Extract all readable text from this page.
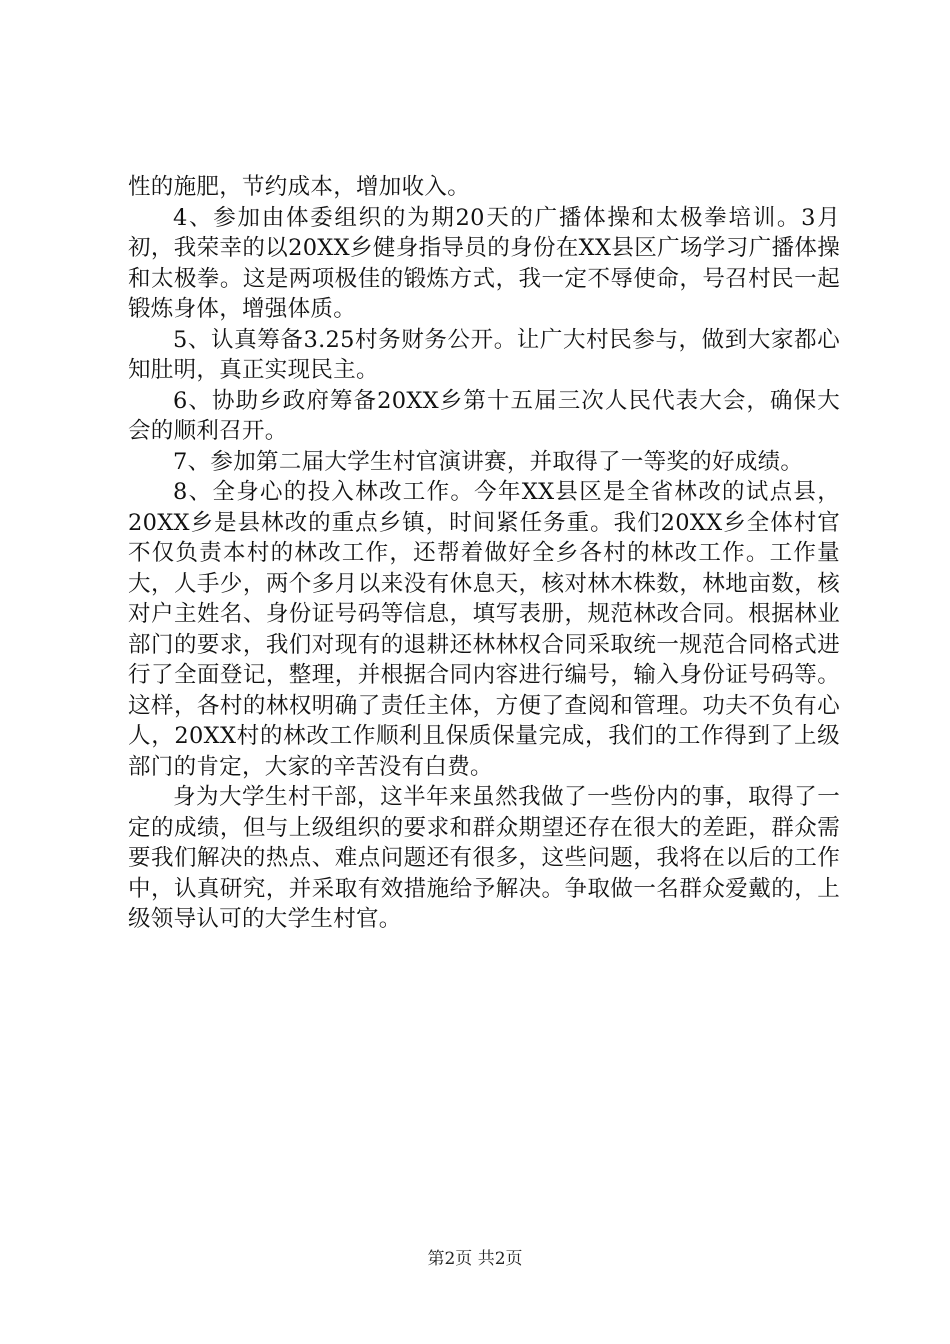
性的施肥，节约成本，增加收入。

4、参加由体委组织的为期20天的广播体操和太极拳培训。3月初，我荣幸的以20XX乡健身指导员的身份在XX县区广场学习广播体操和太极拳。这是两项极佳的锻炼方式，我一定不辱使命，号召村民一起锻炼身体，增强体质。

5、认真筹备3.25村务财务公开。让广大村民参与，做到大家都心知肚明，真正实现民主。

6、协助乡政府筹备20XX乡第十五届三次人民代表大会，确保大会的顺利召开。

7、参加第二届大学生村官演讲赛，并取得了一等奖的好成绩。

8、全身心的投入林改工作。今年XX县区是全省林改的试点县，20XX乡是县林改的重点乡镇，时间紧任务重。我们20XX乡全体村官不仅负责本村的林改工作，还帮着做好全乡各村的林改工作。工作量大，人手少，两个多月以来没有休息天，核对林木株数，林地亩数，核对户主姓名、身份证号码等信息，填写表册，规范林改合同。根据林业部门的要求，我们对现有的退耕还林林权合同采取统一规范合同格式进行了全面登记，整理，并根据合同内容进行编号，输入身份证号码等。这样，各村的林权明确了责任主体，方便了查阅和管理。功夫不负有心人，20XX村的林改工作顺利且保质保量完成，我们的工作得到了上级部门的肯定，大家的辛苦没有白费。

身为大学生村干部，这半年来虽然我做了一些份内的事，取得了一定的成绩，但与上级组织的要求和群众期望还存在很大的差距，群众需要我们解决的热点、难点问题还有很多，这些问题，我将在以后的工作中，认真研究，并采取有效措施给予解决。争取做一名群众爱戴的，上级领导认可的大学生村官。

第2页 共2页
